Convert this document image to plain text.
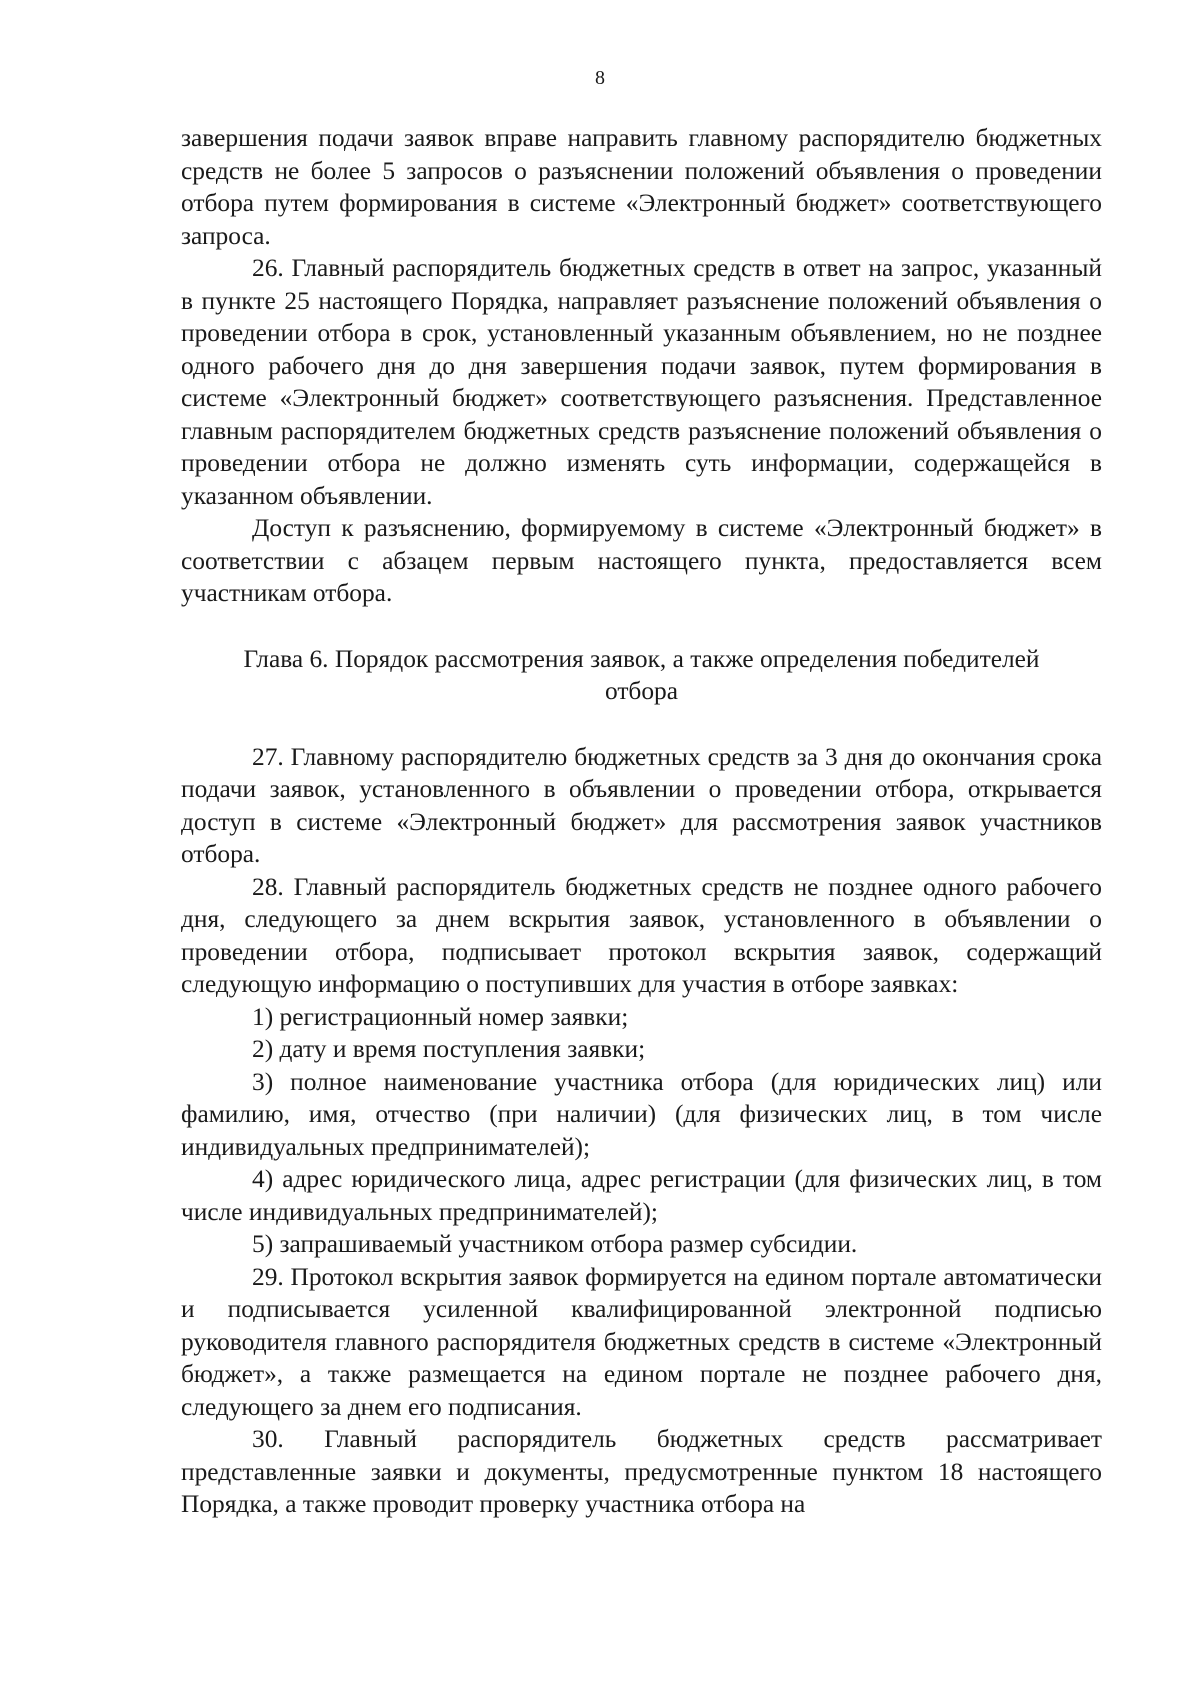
8

завершения подачи заявок вправе направить главному распорядителю бюджетных средств не более 5 запросов о разъяснении положений объявления о проведении отбора путем формирования в системе «Электронный бюджет» соответствующего запроса.

26. Главный распорядитель бюджетных средств в ответ на запрос, указанный в пункте 25 настоящего Порядка, направляет разъяснение положений объявления о проведении отбора в срок, установленный указанным объявлением, но не позднее одного рабочего дня до дня завершения подачи заявок, путем формирования в системе «Электронный бюджет» соответствующего разъяснения. Представленное главным распорядителем бюджетных средств разъяснение положений объявления о проведении отбора не должно изменять суть информации, содержащейся в указанном объявлении.

Доступ к разъяснению, формируемому в системе «Электронный бюджет» в соответствии с абзацем первым настоящего пункта, предоставляется всем участникам отбора.

Глава 6. Порядок рассмотрения заявок, а также определения победителей отбора

27. Главному распорядителю бюджетных средств за 3 дня до окончания срока подачи заявок, установленного в объявлении о проведении отбора, открывается доступ в системе «Электронный бюджет» для рассмотрения заявок участников отбора.

28. Главный распорядитель бюджетных средств не позднее одного рабочего дня, следующего за днем вскрытия заявок, установленного в объявлении о проведении отбора, подписывает протокол вскрытия заявок, содержащий следующую информацию о поступивших для участия в отборе заявках:

1) регистрационный номер заявки;

2) дату и время поступления заявки;

3) полное наименование участника отбора (для юридических лиц) или фамилию, имя, отчество (при наличии) (для физических лиц, в том числе индивидуальных предпринимателей);

4) адрес юридического лица, адрес регистрации (для физических лиц, в том числе индивидуальных предпринимателей);

5) запрашиваемый участником отбора размер субсидии.

29. Протокол вскрытия заявок формируется на едином портале автоматически и подписывается усиленной квалифицированной электронной подписью руководителя главного распорядителя бюджетных средств в системе «Электронный бюджет», а также размещается на едином портале не позднее рабочего дня, следующего за днем его подписания.

30. Главный распорядитель бюджетных средств рассматривает представленные заявки и документы, предусмотренные пунктом 18 настоящего Порядка, а также проводит проверку участника отбора на
